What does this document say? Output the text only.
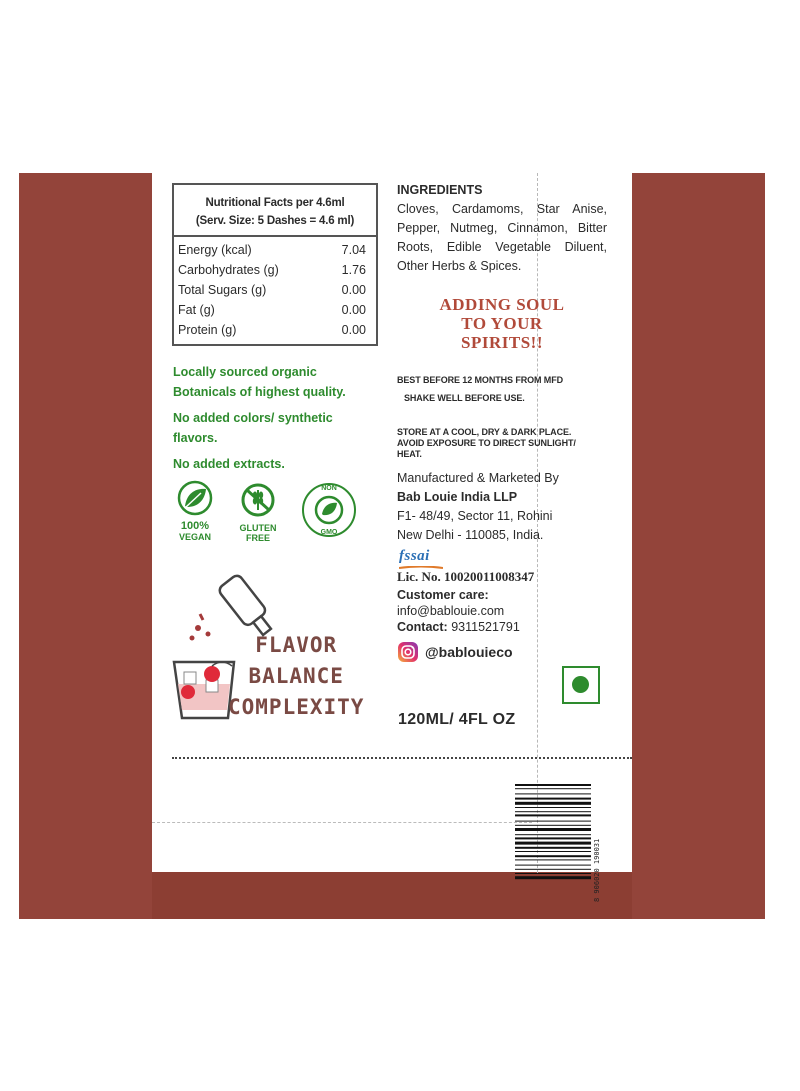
Nutritional Facts per 4.6ml
(Serv. Size: 5 Dashes = 4.6 ml)
Energy (kcal)	7.04
Carbohydrates (g)	1.76
Total Sugars (g)	0.00
Fat (g)	0.00
Protein (g)	0.00
Locally sourced organic
Botanicals of highest quality.
No added colors/ synthetic
flavors.
No added extracts.
100%
VEGAN
GLUTEN
FREE
NON
GMO
FLAVOR
BALANCE
COMPLEXITY
INGREDIENTS
Cloves, Cardamoms, Star Anise, Pepper, Nutmeg, Cinnamon, Bitter Roots, Edible Vegetable Diluent, Other Herbs & Spices.
ADDING SOUL
TO YOUR
SPIRITS!!
BEST BEFORE 12 MONTHS FROM MFD
SHAKE WELL BEFORE USE.
STORE AT A COOL, DRY & DARK PLACE.
AVOID EXPOSURE TO DIRECT SUNLIGHT/
HEAT.
Manufactured & Marketed By
Bab Louie India LLP
F1- 48/49, Sector 11, Rohini
New Delhi - 110085, India.
fssai
Lic. No. 10020011008347
Customer care:
info@bablouie.com
Contact: 9311521791
@bablouieco
120ML/ 4FL OZ
8 906020 190031
